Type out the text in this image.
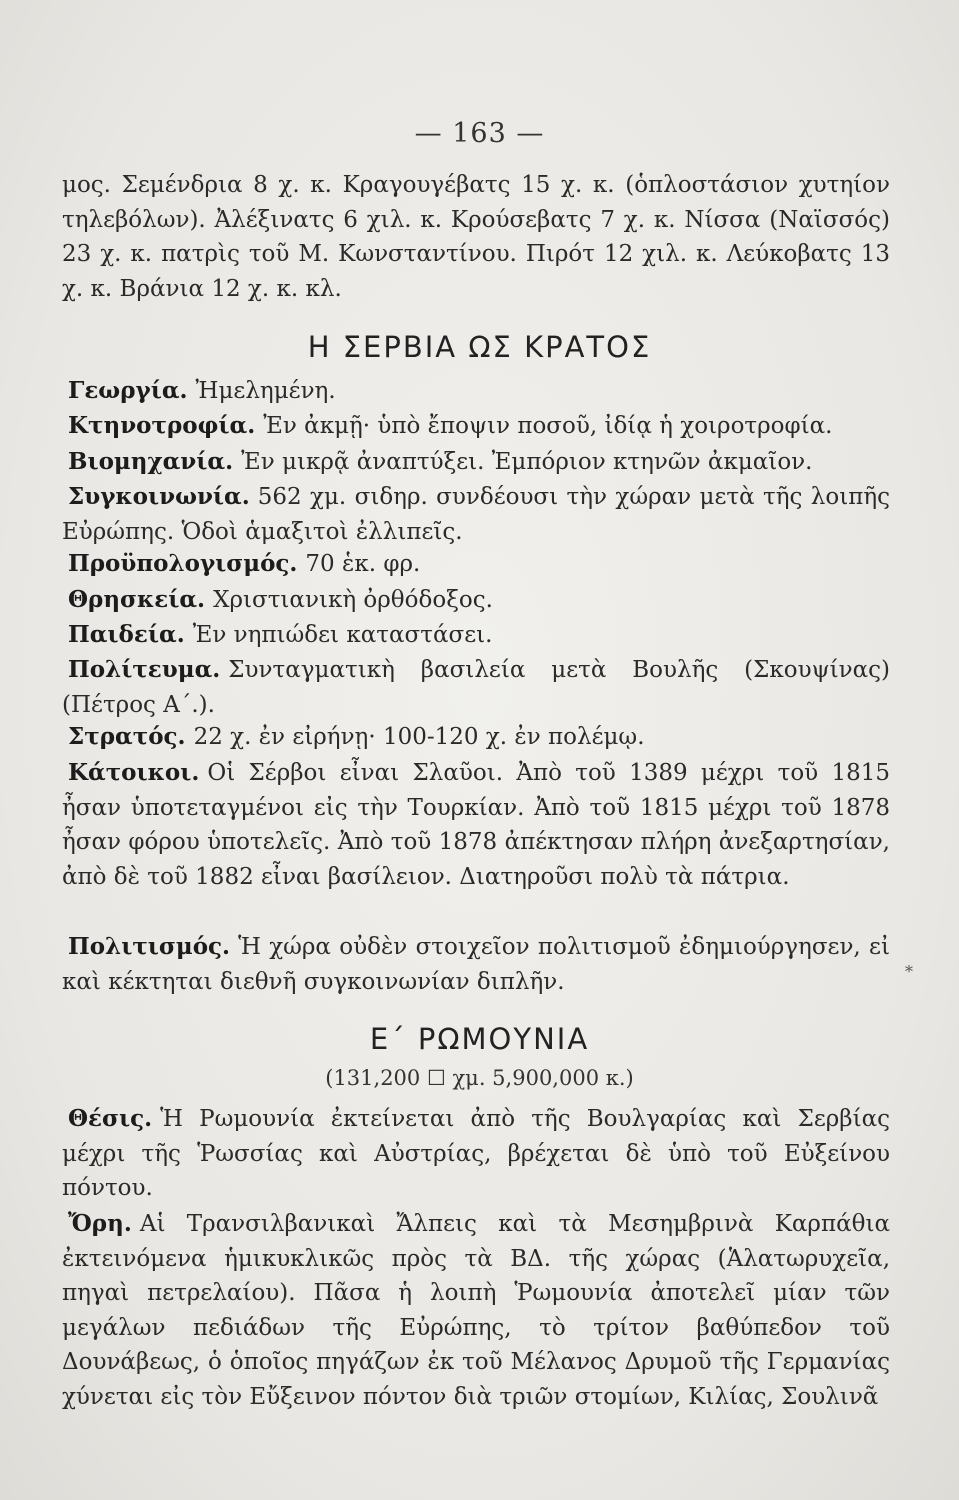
— 163 —
μος. Σεμένδρια 8 χ. κ. Κραγουγέβατς 15 χ. κ. (ὁπλοστάσιον χυτηίον τηλεβόλων). Ἀλέξινατς 6 χιλ. κ. Κρούσεβατς 7 χ. κ. Νίσσα (Ναϊσσός) 23 χ. κ. πατρὶς τοῦ Μ. Κωνσταντίνου. Πιρότ 12 χιλ. κ. Λεύκοβατς 13 χ. κ. Βράνια 12 χ. κ. κλ.
Η ΣΕΡΒΙΑ ΩΣ ΚΡΑΤΟΣ
Γεωργία. Ἠμελημένη.
Κτηνοτροφία. Ἐν ἀκμῇ· ὑπὸ ἔποψιν ποσοῦ, ἰδίᾳ ἡ χοιροτροφία.
Βιομηχανία. Ἐν μικρᾷ ἀναπτύξει. Ἐμπόριον κτηνῶν ἀκμαῖον.
Συγκοινωνία. 562 χμ. σιδηρ. συνδέουσι τὴν χώραν μετὰ τῆς λοιπῆς Εὐρώπης. Ὁδοὶ ἁμαξιτοὶ ἐλλιπεῖς.
Προϋπολογισμός. 70 ἑκ. φρ.
Θρησκεία. Χριστιανικὴ ὀρθόδοξος.
Παιδεία. Ἐν νηπιώδει καταστάσει.
Πολίτευμα. Συνταγματικὴ βασιλεία μετὰ Βουλῆς (Σκουψίνας) (Πέτρος Α΄.).
Στρατός. 22 χ. ἐν εἰρήνῃ· 100-120 χ. ἐν πολέμῳ.
Κάτοικοι. Οἱ Σέρβοι εἶναι Σλαῦοι. Ἀπὸ τοῦ 1389 μέχρι τοῦ 1815 ἦσαν ὑποτεταγμένοι εἰς τὴν Τουρκίαν. Ἀπὸ τοῦ 1815 μέχρι τοῦ 1878 ἦσαν φόρου ὑποτελεῖς. Ἀπὸ τοῦ 1878 ἀπέκτησαν πλήρη ἀνεξαρτησίαν, ἀπὸ δὲ τοῦ 1882 εἶναι βασίλειον. Διατηροῦσι πολὺ τὰ πάτρια.
Πολιτισμός. Ἡ χώρα οὐδὲν στοιχεῖον πολιτισμοῦ ἐδημιούργησεν, εἰ καὶ κέκτηται διεθνῆ συγκοινωνίαν διπλῆν.	*
Ε΄ ΡΩΜΟΥΝΙΑ
(131,200 ☐ χμ. 5,900,000 κ.)
Θέσις. Ἡ Ρωμουνία ἐκτείνεται ἀπὸ τῆς Βουλγαρίας καὶ Σερβίας μέχρι τῆς Ῥωσσίας καὶ Αὐστρίας, βρέχεται δὲ ὑπὸ τοῦ Εὐξείνου πόντου.
Ὄρη. Αἱ Τρανσιλβανικαὶ Ἄλπεις καὶ τὰ Μεσημβρινὰ Καρπάθια ἐκτεινόμενα ἡμικυκλικῶς πρὸς τὰ ΒΔ. τῆς χώρας (Ἁλατωρυχεῖα, πηγαὶ πετρελαίου). Πᾶσα ἡ λοιπὴ Ῥωμουνία ἀποτελεῖ μίαν τῶν μεγάλων πεδιάδων τῆς Εὐρώπης, τὸ τρίτον βαθύπεδον τοῦ Δουνάβεως, ὁ ὁποῖος πηγάζων ἐκ τοῦ Μέλανος Δρυμοῦ τῆς Γερμανίας χύνεται εἰς τὸν Εὔξεινον πόντον διὰ τριῶν στομίων, Κιλίας, Σουλινᾶ
